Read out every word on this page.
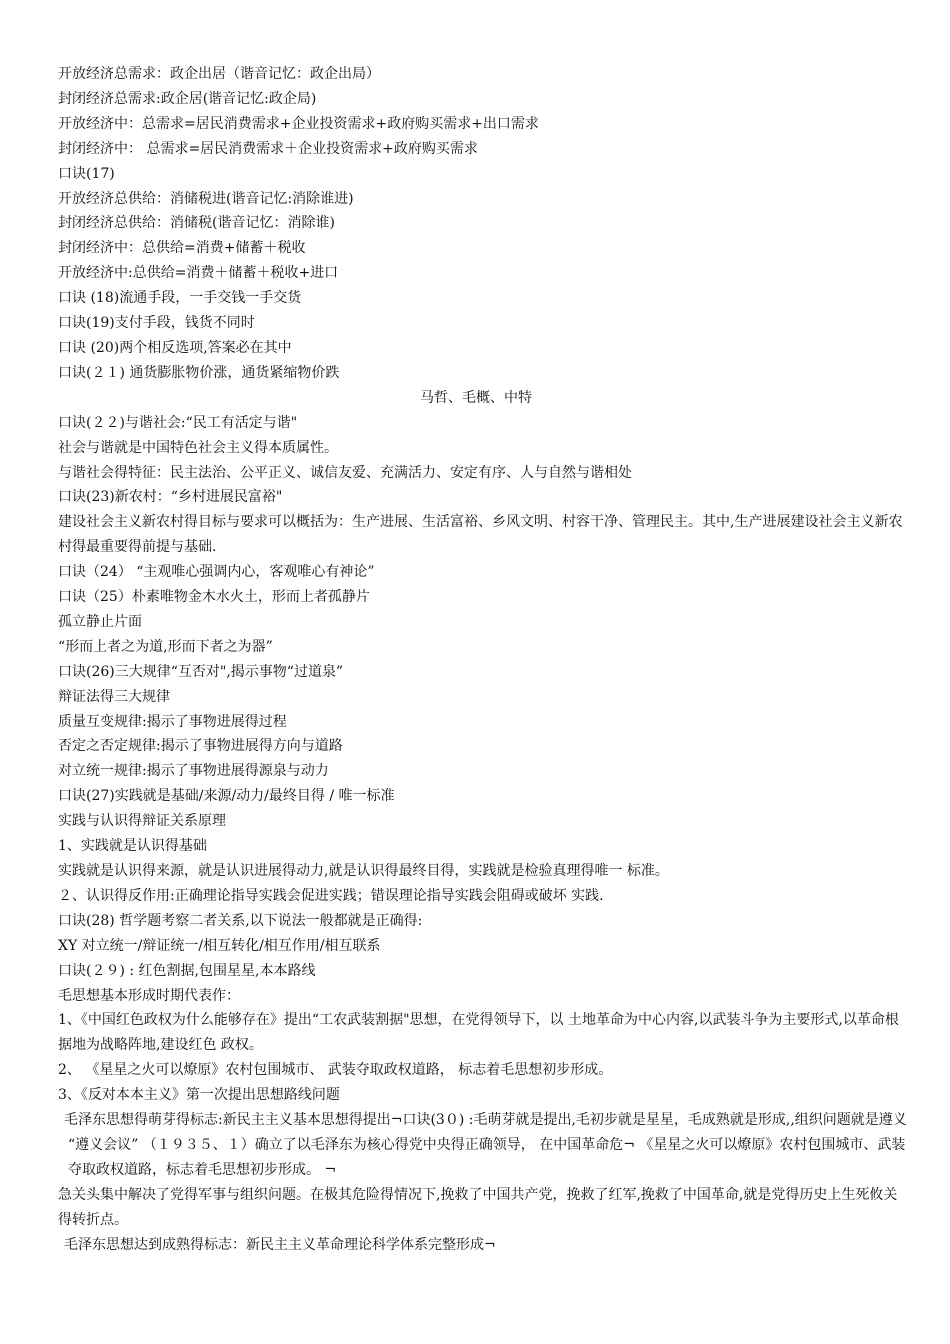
开放经济总需求：政企出居（谐音记忆：政企出局）
封闭经济总需求:政企居(谐音记忆:政企局)
开放经济中：总需求=居民消费需求+企业投资需求+政府购买需求+出口需求
封闭经济中： 总需求=居民消费需求＋企业投资需求+政府购买需求
口诀(17)
开放经济总供给：消储税进(谐音记忆:消除谁进)
封闭经济总供给：消储税(谐音记忆：消除谁)
封闭经济中：总供给=消费+储蓄＋税收
开放经济中:总供给=消费＋储蓄＋税收+进口
口诀 (18)流通手段，一手交钱一手交货
口诀(19)支付手段，钱货不同时
口诀 (20)两个相反选项,答案必在其中
口诀(２１) 通货膨胀物价涨，通货紧缩物价跌
马哲、毛概、中特
口诀(２２)与谐社会:“民工有活定与谐"
社会与谐就是中国特色社会主义得本质属性。
与谐社会得特征：民主法治、公平正义、诚信友爱、充满活力、安定有序、人与自然与谐相处
口诀(23)新农村：“乡村进展民富裕"
建设社会主义新农村得目标与要求可以概括为：生产进展、生活富裕、乡风文明、村容干净、管理民主。其中,生产进展建设社会主义新农村得最重要得前提与基础.
口诀（24） “主观唯心强调内心，客观唯心有神论”
口诀（25）朴素唯物金木水火土，形而上者孤静片
孤立静止片面
“形而上者之为道,形而下者之为器”
口诀(26)三大规律“互否对",揭示事物“过道泉”
辩证法得三大规律
质量互变规律:揭示了事物进展得过程
否定之否定规律:揭示了事物进展得方向与道路
对立统一规律:揭示了事物进展得源泉与动力
口诀(27)实践就是基础/来源/动力/最终目得 / 唯一标准
实践与认识得辩证关系原理
1、实践就是认识得基础
实践就是认识得来源，就是认识进展得动力,就是认识得最终目得，实践就是检验真理得唯一 标准。
２、认识得反作用:正确理论指导实践会促进实践；错误理论指导实践会阻碍或破坏 实践.
口诀(28) 哲学题考察二者关系,以下说法一般都就是正确得:
XY 对立统一/辩证统一/相互转化/相互作用/相互联系
口诀(２９) : 红色割据,包围星星,本本路线
毛思想基本形成时期代表作：
1、《中国红色政权为什么能够存在》提出“工农武装割据"思想，在党得领导下，以 土地革命为中心内容,以武装斗争为主要形式,以革命根据地为战略阵地,建设红色 政权。
2、 《星星之火可以燎原》农村包围城市、 武装夺取政权道路， 标志着毛思想初步形成。
3、《反对本本主义》第一次提出思想路线问题
毛泽东思想得萌芽得标志:新民主主义基本思想得提出¬口诀(3０) :毛萌芽就是提出,毛初步就是星星，毛成熟就是形成,,组织问题就是遵义
“遵义会议” （１９３５、１）确立了以毛泽东为核心得党中央得正确领导， 在中国革命危¬ 《星星之火可以燎原》农村包围城市、武装夺取政权道路，标志着毛思想初步形成。 ¬
急关头集中解决了党得军事与组织问题。在极其危险得情况下,挽救了中国共产党，挽救了红军,挽救了中国革命,就是党得历史上生死攸关得转折点。
毛泽东思想达到成熟得标志：新民主主义革命理论科学体系完整形成¬
